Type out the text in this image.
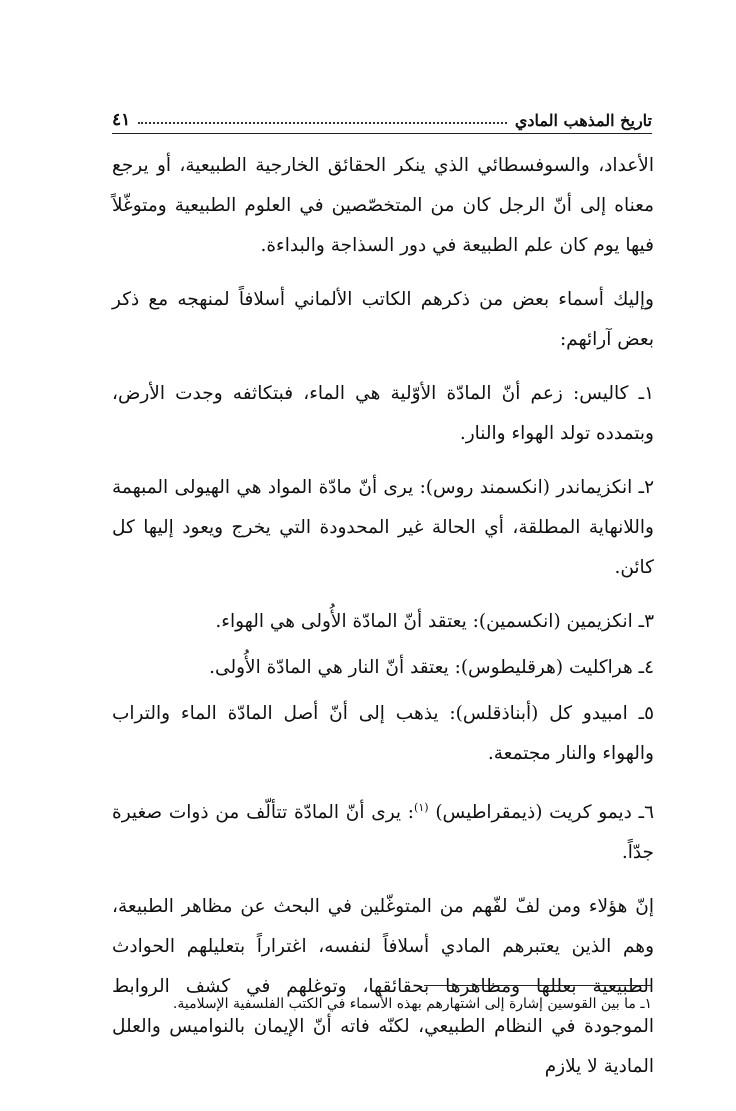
تاريخ المذهب المادي
٤١

الأعداد، والسوفسطائي الذي ينكر الحقائق الخارجية الطبيعية، أو يرجع معناه إلى أنّ الرجل كان من المتخصّصين في العلوم الطبيعية ومتوغّلاً فيها يوم كان علم الطبيعة في دور السذاجة والبداءة.

وإليك أسماء بعض من ذكرهم الكاتب الألماني أسلافاً لمنهجه مع ذكر بعض آرائهم:

١ـ كاليس: زعم أنّ المادّة الأوّلية هي الماء، فبتكاثفه وجدت الأرض، وبتمدده تولد الهواء والنار.

٢ـ انكزيماندر (انكسمند روس): يرى أنّ مادّة المواد هي الهيولى المبهمة واللانهاية المطلقة، أي الحالة غير المحدودة التي يخرج ويعود إليها كل كائن.

٣ـ انكزيمين (انكسمين): يعتقد أنّ المادّة الأُولى هي الهواء.

٤ـ هراكليت (هرقليطوس): يعتقد أنّ النار هي المادّة الأُولى.

٥ـ امبيدو كل (أبناذقلس): يذهب إلى أنّ أصل المادّة الماء والتراب والهواء والنار مجتمعة.

٦ـ ديمو كريت (ذيمقراطيس) $^{(١)}$: يرى أنّ المادّة تتألّف من ذوات صغيرة جدّاً.

إنّ هؤلاء ومن لفّ لفّهم من المتوغّلين في البحث عن مظاهر الطبيعة، وهم الذين يعتبرهم المادي أسلافاً لنفسه، اغتراراً بتعليلهم الحوادث الطبيعية بعللها ومظاهرها بحقائقها، وتوغلهم في كشف الروابط الموجودة في النظام الطبيعي، لكنّه فاته أنّ الإيمان بالنواميس والعلل المادية لا يلازم

١ـ ما بين القوسين إشارة إلى اشتهارهم بهذه الأسماء في الكتب الفلسفية الإسلامية.
